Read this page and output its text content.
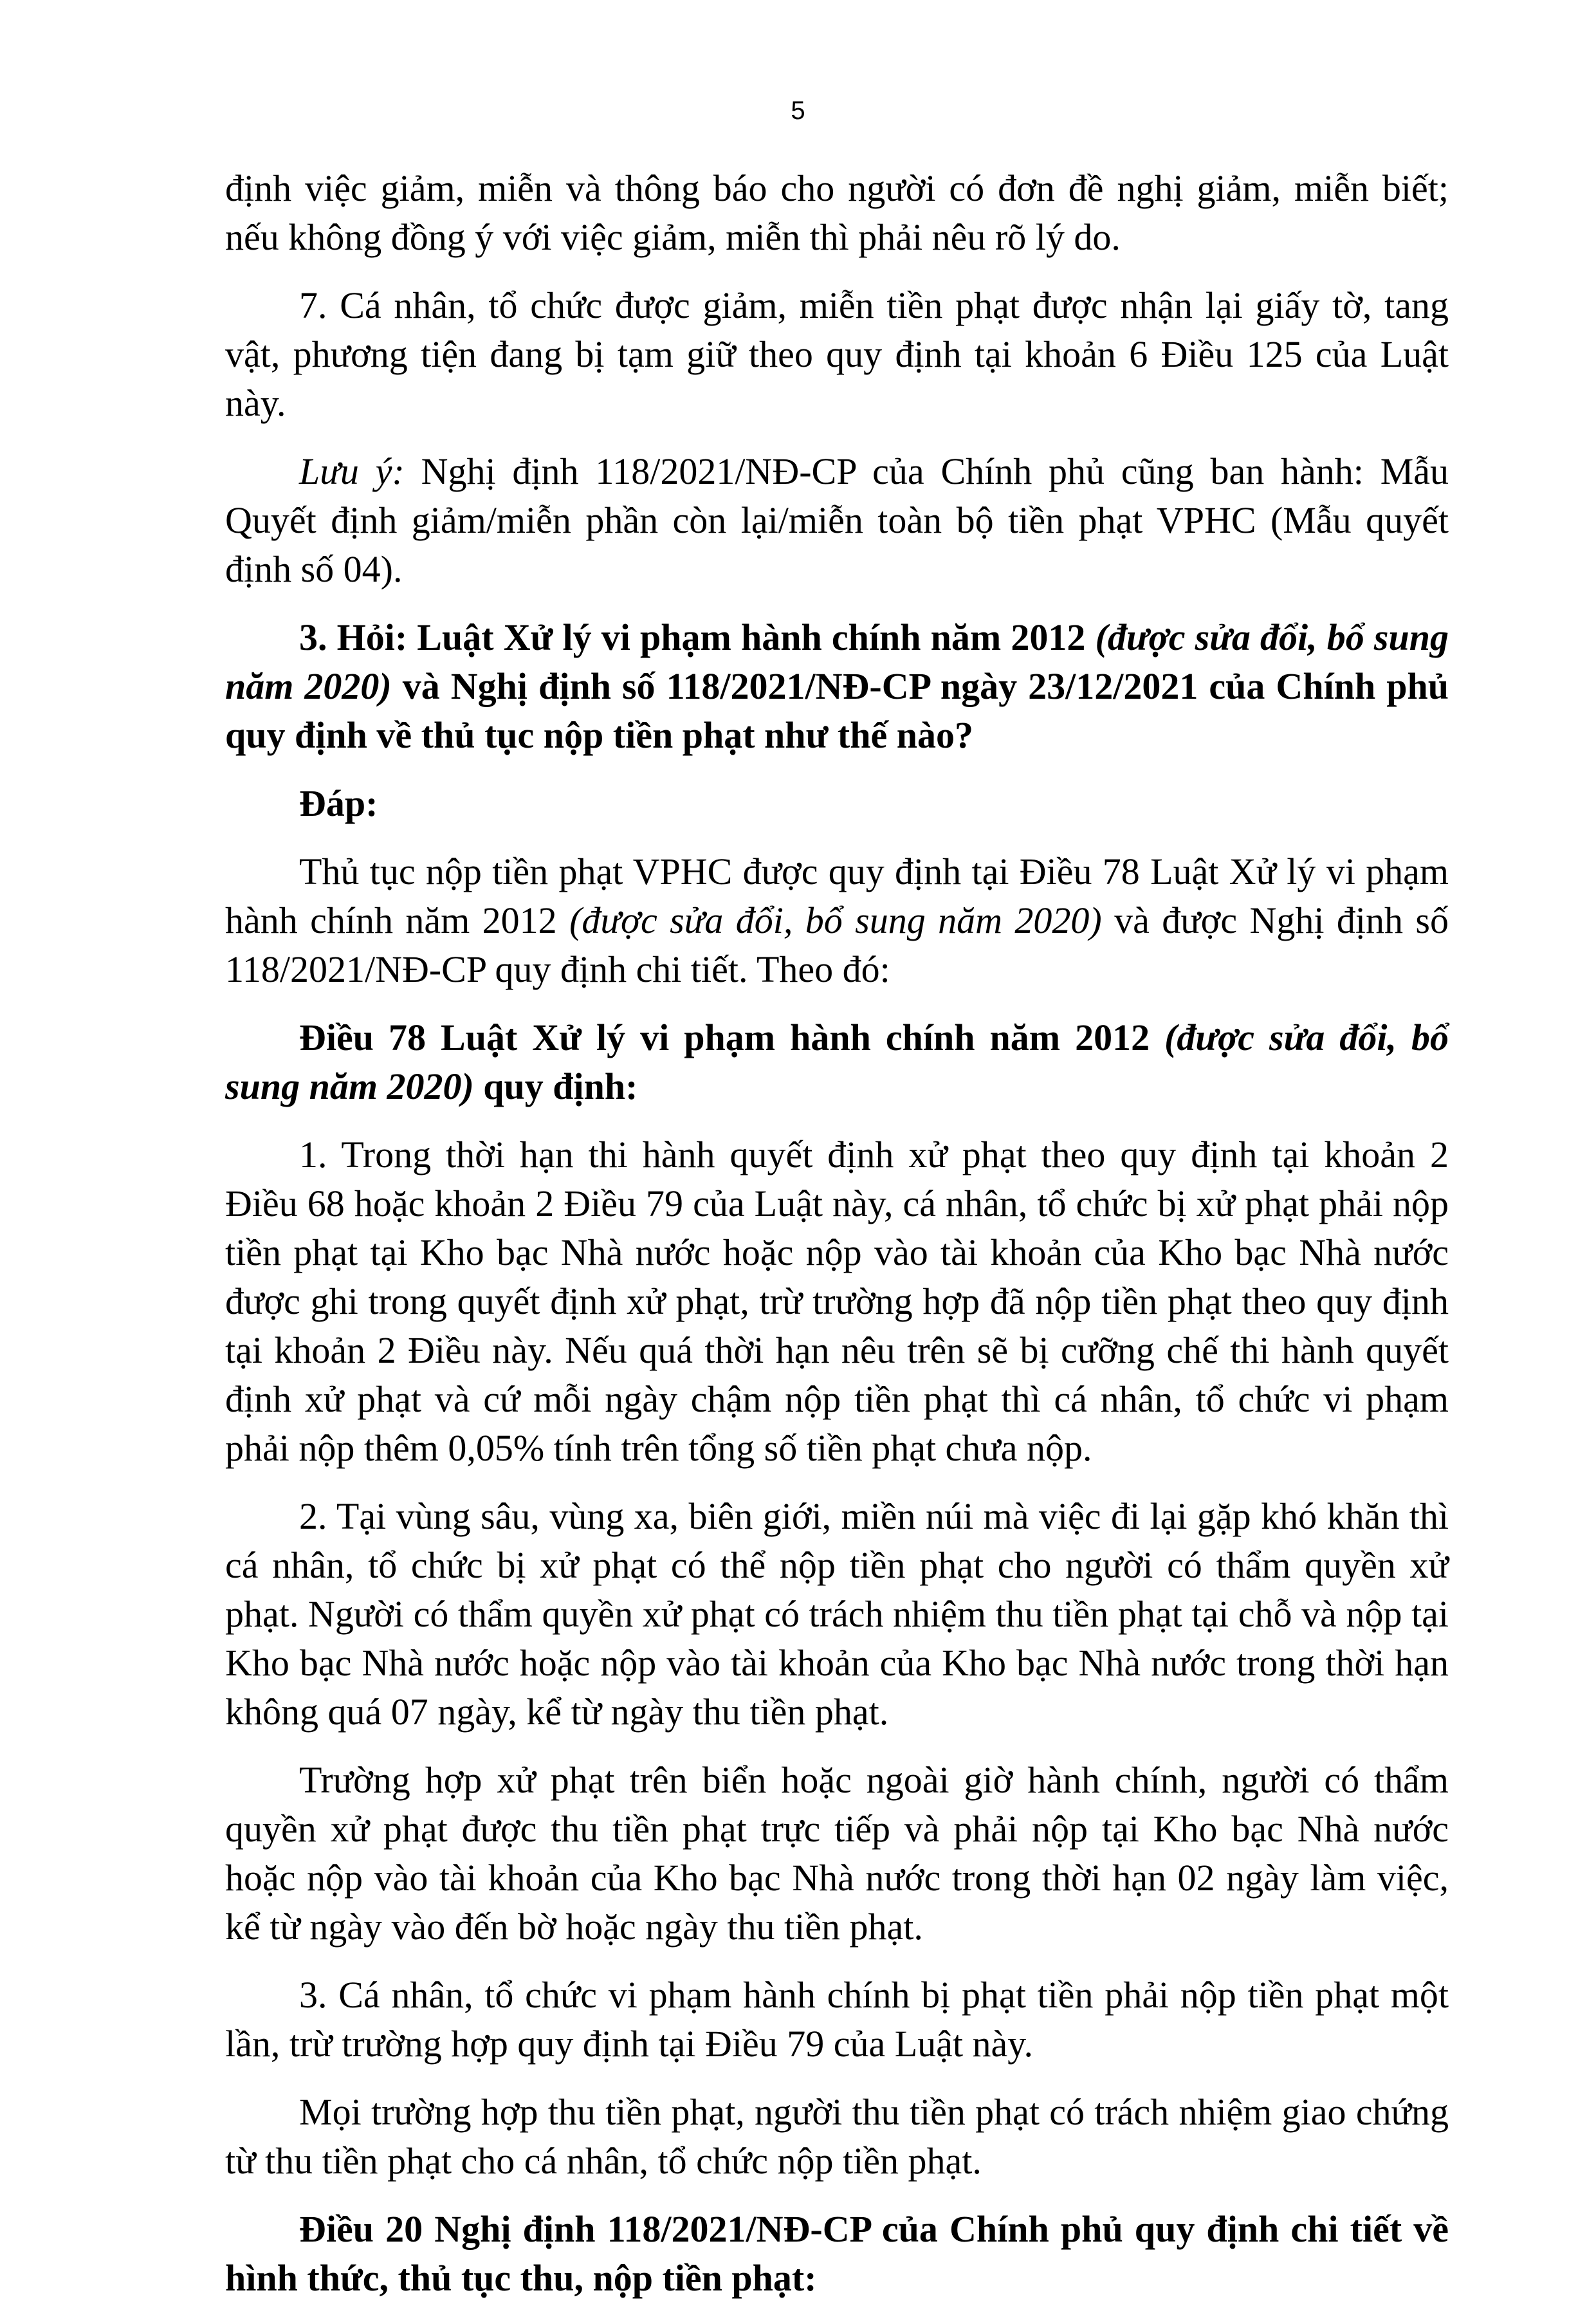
5

định việc giảm, miễn và thông báo cho người có đơn đề nghị giảm, miễn biết; nếu không đồng ý với việc giảm, miễn thì phải nêu rõ lý do.

7. Cá nhân, tổ chức được giảm, miễn tiền phạt được nhận lại giấy tờ, tang vật, phương tiện đang bị tạm giữ theo quy định tại khoản 6 Điều 125 của Luật này.

Lưu ý: Nghị định 118/2021/NĐ-CP của Chính phủ cũng ban hành: Mẫu Quyết định giảm/miễn phần còn lại/miễn toàn bộ tiền phạt VPHC (Mẫu quyết định số 04).

3. Hỏi: Luật Xử lý vi phạm hành chính năm 2012 (được sửa đổi, bổ sung năm 2020) và Nghị định số 118/2021/NĐ-CP ngày 23/12/2021 của Chính phủ quy định về thủ tục nộp tiền phạt như thế nào?

Đáp:

Thủ tục nộp tiền phạt VPHC được quy định tại Điều 78 Luật Xử lý vi phạm hành chính năm 2012 (được sửa đổi, bổ sung năm 2020) và được Nghị định số 118/2021/NĐ-CP quy định chi tiết. Theo đó:

Điều 78 Luật Xử lý vi phạm hành chính năm 2012 (được sửa đổi, bổ sung năm 2020) quy định:

1. Trong thời hạn thi hành quyết định xử phạt theo quy định tại khoản 2 Điều 68 hoặc khoản 2 Điều 79 của Luật này, cá nhân, tổ chức bị xử phạt phải nộp tiền phạt tại Kho bạc Nhà nước hoặc nộp vào tài khoản của Kho bạc Nhà nước được ghi trong quyết định xử phạt, trừ trường hợp đã nộp tiền phạt theo quy định tại khoản 2 Điều này. Nếu quá thời hạn nêu trên sẽ bị cưỡng chế thi hành quyết định xử phạt và cứ mỗi ngày chậm nộp tiền phạt thì cá nhân, tổ chức vi phạm phải nộp thêm 0,05% tính trên tổng số tiền phạt chưa nộp.

2. Tại vùng sâu, vùng xa, biên giới, miền núi mà việc đi lại gặp khó khăn thì cá nhân, tổ chức bị xử phạt có thể nộp tiền phạt cho người có thẩm quyền xử phạt. Người có thẩm quyền xử phạt có trách nhiệm thu tiền phạt tại chỗ và nộp tại Kho bạc Nhà nước hoặc nộp vào tài khoản của Kho bạc Nhà nước trong thời hạn không quá 07 ngày, kể từ ngày thu tiền phạt.

Trường hợp xử phạt trên biển hoặc ngoài giờ hành chính, người có thẩm quyền xử phạt được thu tiền phạt trực tiếp và phải nộp tại Kho bạc Nhà nước hoặc nộp vào tài khoản của Kho bạc Nhà nước trong thời hạn 02 ngày làm việc, kể từ ngày vào đến bờ hoặc ngày thu tiền phạt.

3. Cá nhân, tổ chức vi phạm hành chính bị phạt tiền phải nộp tiền phạt một lần, trừ trường hợp quy định tại Điều 79 của Luật này.

Mọi trường hợp thu tiền phạt, người thu tiền phạt có trách nhiệm giao chứng từ thu tiền phạt cho cá nhân, tổ chức nộp tiền phạt.

Điều 20 Nghị định 118/2021/NĐ-CP của Chính phủ quy định chi tiết về hình thức, thủ tục thu, nộp tiền phạt:
